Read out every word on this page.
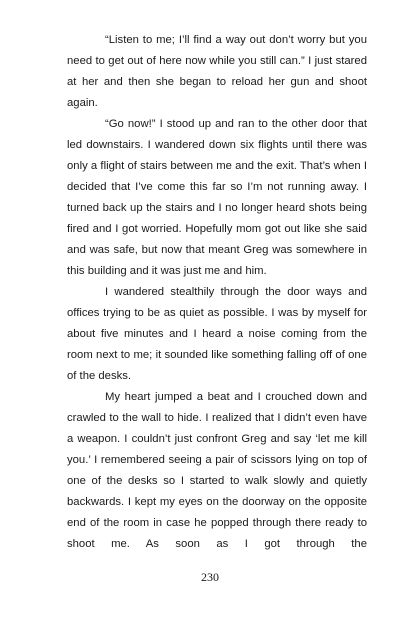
“Listen to me; I’ll find a way out don’t worry but you need to get out of here now while you still can.” I just stared at her and then she began to reload her gun and shoot again.

“Go now!” I stood up and ran to the other door that led downstairs. I wandered down six flights until there was only a flight of stairs between me and the exit. That’s when I decided that I’ve come this far so I’m not running away. I turned back up the stairs and I no longer heard shots being fired and I got worried. Hopefully mom got out like she said and was safe, but now that meant Greg was somewhere in this building and it was just me and him.

I wandered stealthily through the door ways and offices trying to be as quiet as possible. I was by myself for about five minutes and I heard a noise coming from the room next to me; it sounded like something falling off of one of the desks.

My heart jumped a beat and I crouched down and crawled to the wall to hide. I realized that I didn’t even have a weapon. I couldn’t just confront Greg and say ‘let me kill you.’ I remembered seeing a pair of scissors lying on top of one of the desks so I started to walk slowly and quietly backwards. I kept my eyes on the doorway on the opposite end of the room in case he popped through there ready to shoot me. As soon as I got through the

230
